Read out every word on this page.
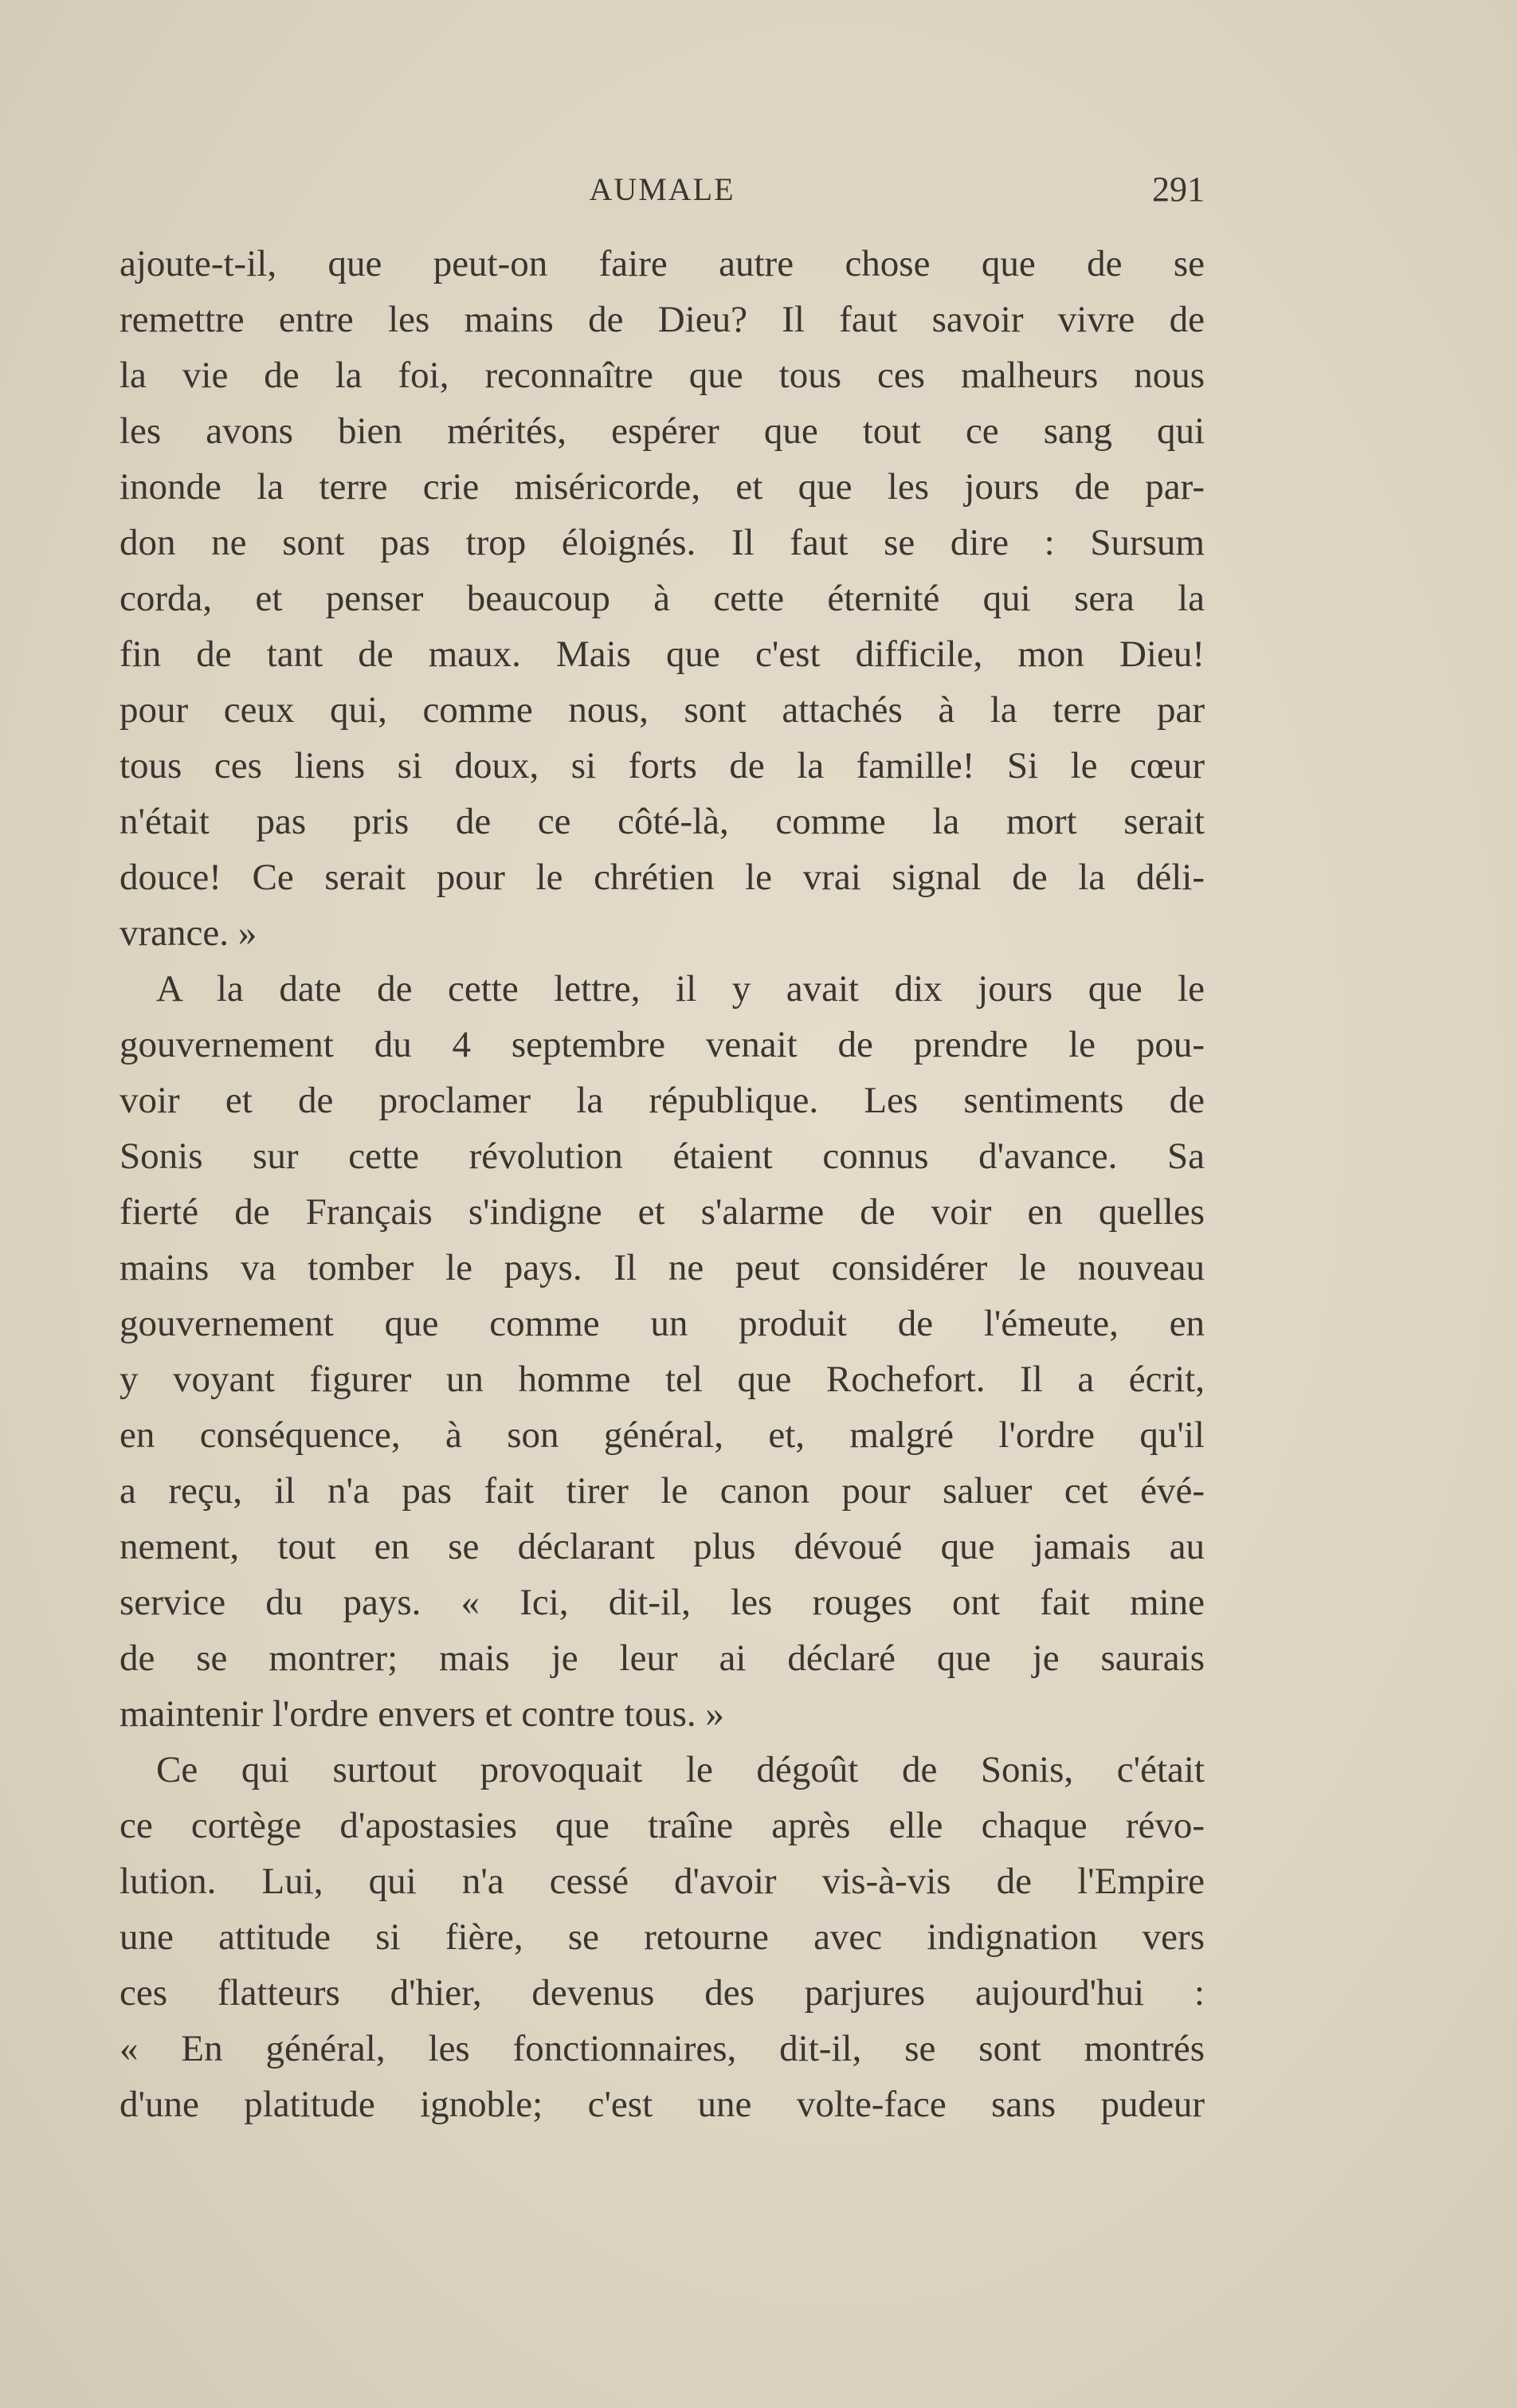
AUMALE	291
ajoute-t-il, que peut-on faire autre chose que de se
remettre entre les mains de Dieu? Il faut savoir vivre de
la vie de la foi, reconnaître que tous ces malheurs nous
les avons bien mérités, espérer que tout ce sang qui
inonde la terre crie miséricorde, et que les jours de par-
don ne sont pas trop éloignés. Il faut se dire : Sursum
corda, et penser beaucoup à cette éternité qui sera la
fin de tant de maux. Mais que c'est difficile, mon Dieu!
pour ceux qui, comme nous, sont attachés à la terre par
tous ces liens si doux, si forts de la famille! Si le cœur
n'était pas pris de ce côté-là, comme la mort serait
douce! Ce serait pour le chrétien le vrai signal de la déli-
vrance. »
A la date de cette lettre, il y avait dix jours que le
gouvernement du 4 septembre venait de prendre le pou-
voir et de proclamer la république. Les sentiments de
Sonis sur cette révolution étaient connus d'avance. Sa
fierté de Français s'indigne et s'alarme de voir en quelles
mains va tomber le pays. Il ne peut considérer le nouveau
gouvernement que comme un produit de l'émeute, en
y voyant figurer un homme tel que Rochefort. Il a écrit,
en conséquence, à son général, et, malgré l'ordre qu'il
a reçu, il n'a pas fait tirer le canon pour saluer cet évé-
nement, tout en se déclarant plus dévoué que jamais au
service du pays. « Ici, dit-il, les rouges ont fait mine
de se montrer; mais je leur ai déclaré que je saurais
maintenir l'ordre envers et contre tous. »
Ce qui surtout provoquait le dégoût de Sonis, c'était
ce cortège d'apostasies que traîne après elle chaque révo-
lution. Lui, qui n'a cessé d'avoir vis-à-vis de l'Empire
une attitude si fière, se retourne avec indignation vers
ces flatteurs d'hier, devenus des parjures aujourd'hui :
« En général, les fonctionnaires, dit-il, se sont montrés
d'une platitude ignoble; c'est une volte-face sans pudeur
